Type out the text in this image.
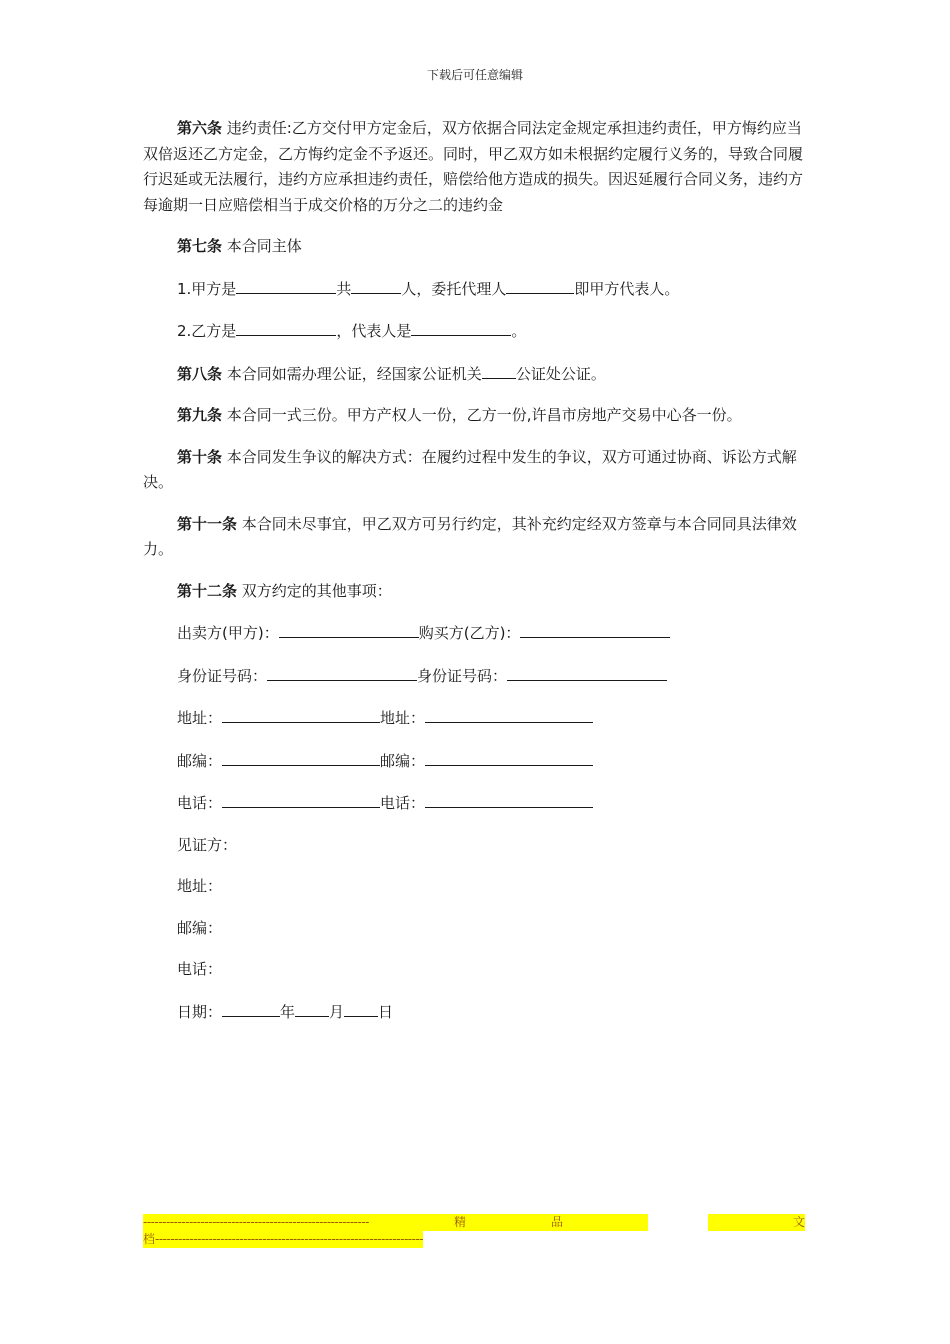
下载后可任意编辑

第六条 违约责任:乙方交付甲方定金后，双方依据合同法定金规定承担违约责任，甲方悔约应当双倍返还乙方定金，乙方悔约定金不予返还。同时，甲乙双方如未根据约定履行义务的，导致合同履行迟延或无法履行，违约方应承担违约责任，赔偿给他方造成的损失。因迟延履行合同义务，违约方每逾期一日应赔偿相当于成交价格的万分之二的违约金

第七条 本合同主体

1.甲方是	共	人，委托代理人	即甲方代表人。

2.乙方是	，代表人是	。

第八条 本合同如需办理公证，经国家公证机关 公证处公证。

第九条 本合同一式三份。甲方产权人一份，乙方一份,许昌市房地产交易中心各一份。

第十条 本合同发生争议的解决方式：在履约过程中发生的争议，双方可通过协商、诉讼方式解决。

第十一条 本合同未尽事宜，甲乙双方可另行约定，其补充约定经双方签章与本合同同具法律效力。

第十二条 双方约定的其他事项：

出卖方(甲方)：	购买方(乙方)：

身份证号码：	身份证号码：

地址：	地址：

邮编：	邮编：

电话：	电话：

见证方：

地址：

邮编：

电话：

日期：	年 月 日

-----------------------------------------------------------	精	品	文
档----------------------------------------------------------------------
